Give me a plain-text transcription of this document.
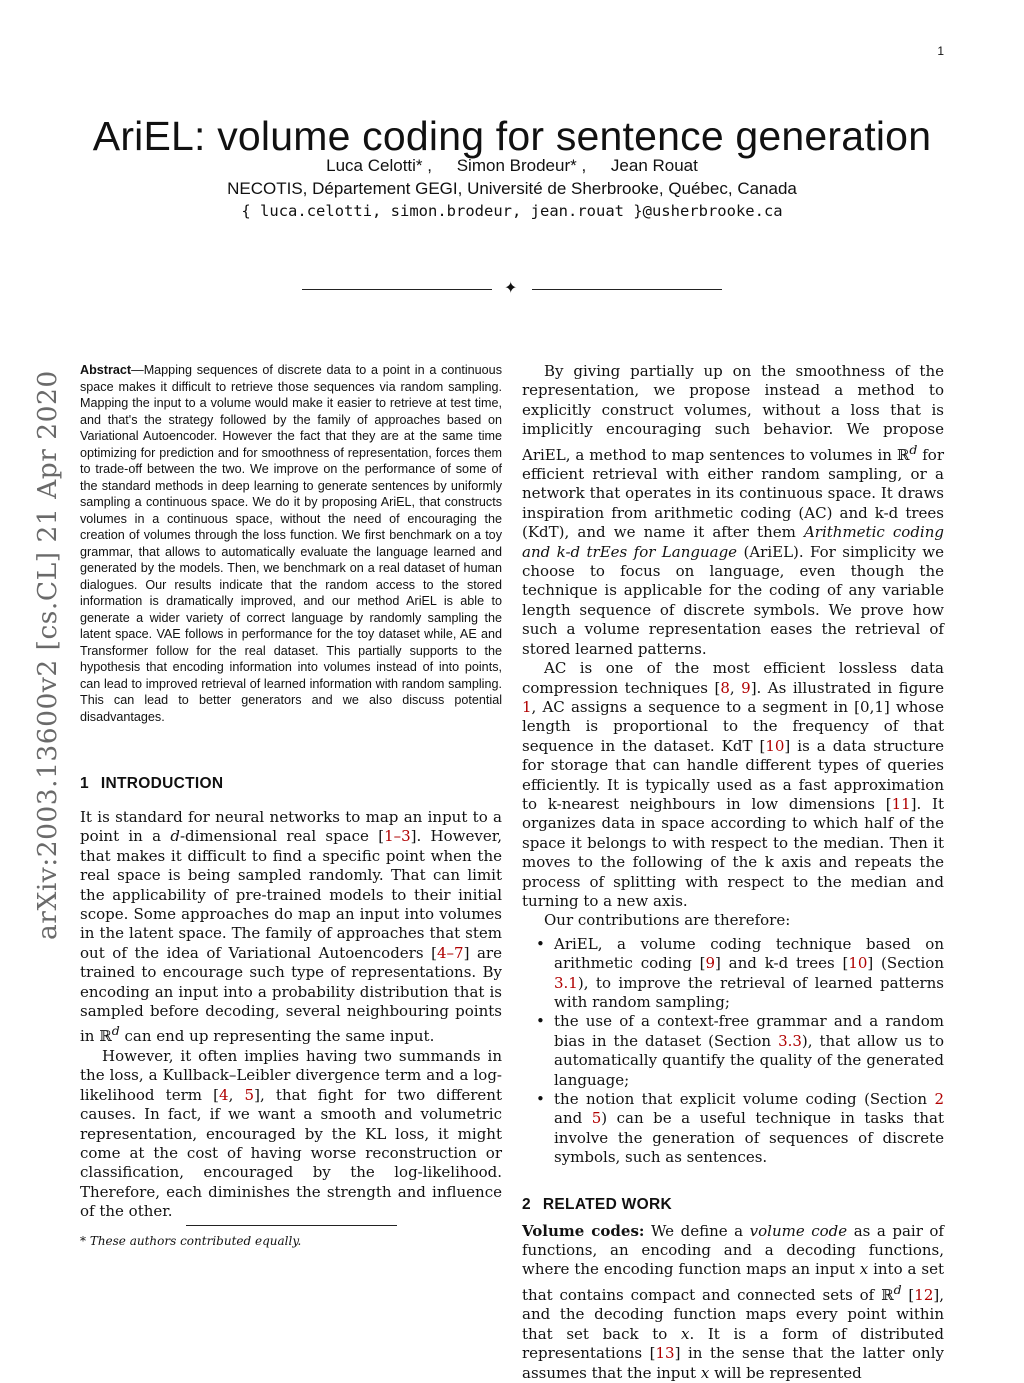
1
AriEL: volume coding for sentence generation
Luca Celotti* , Simon Brodeur* , Jean Rouat
NECOTIS, Département GEGI, Université de Sherbrooke, Québec, Canada
{ luca.celotti, simon.brodeur, jean.rouat }@usherbrooke.ca
✦
arXiv:2003.13600v2 [cs.CL] 21 Apr 2020
Abstract—Mapping sequences of discrete data to a point in a continuous space makes it difficult to retrieve those sequences via random sampling. Mapping the input to a volume would make it easier to retrieve at test time, and that's the strategy followed by the family of approaches based on Variational Autoencoder. However the fact that they are at the same time optimizing for prediction and for smoothness of representation, forces them to trade-off between the two. We improve on the performance of some of the standard methods in deep learning to generate sentences by uniformly sampling a continuous space. We do it by proposing AriEL, that constructs volumes in a continuous space, without the need of encouraging the creation of volumes through the loss function. We first benchmark on a toy grammar, that allows to automatically evaluate the language learned and generated by the models. Then, we benchmark on a real dataset of human dialogues. Our results indicate that the random access to the stored information is dramatically improved, and our method AriEL is able to generate a wider variety of correct language by randomly sampling the latent space. VAE follows in performance for the toy dataset while, AE and Transformer follow for the real dataset. This partially supports to the hypothesis that encoding information into volumes instead of into points, can lead to improved retrieval of learned information with random sampling. This can lead to better generators and we also discuss potential disadvantages.
1 INTRODUCTION

It is standard for neural networks to map an input to a point in a d-dimensional real space [1–3]. However, that makes it difficult to find a specific point when the real space is being sampled randomly. That can limit the applicability of pre-trained models to their initial scope. Some approaches do map an input into volumes in the latent space. The family of approaches that stem out of the idea of Variational Autoencoders [4–7] are trained to encourage such type of representations. By encoding an input into a probability distribution that is sampled before decoding, several neighbouring points in ℝ$^d$ can end up representing the same input.

However, it often implies having two summands in the loss, a Kullback–Leibler divergence term and a log-likelihood term [4, 5], that fight for two different causes. In fact, if we want a smooth and volumetric representation, encouraged by the KL loss, it might come at the cost of having worse reconstruction or classification, encouraged by the log-likelihood. Therefore, each diminishes the strength and influence of the other.

By giving partially up on the smoothness of the representation, we propose instead a method to explicitly construct volumes, without a loss that is implicitly encouraging such behavior. We propose AriEL, a method to map sentences to volumes in ℝ$^d$ for efficient retrieval with either random sampling, or a network that operates in its continuous space. It draws inspiration from arithmetic coding (AC) and k-d trees (KdT), and we name it after them Arithmetic coding and k-d trEes for Language (AriEL). For simplicity we choose to focus on language, even though the technique is applicable for the coding of any variable length sequence of discrete symbols. We prove how such a volume representation eases the retrieval of stored learned patterns.

AC is one of the most efficient lossless data compression techniques [8, 9]. As illustrated in figure 1, AC assigns a sequence to a segment in [0,1] whose length is proportional to the frequency of that sequence in the dataset. KdT [10] is a data structure for storage that can handle different types of queries efficiently. It is typically used as a fast approximation to k-nearest neighbours in low dimensions [11]. It organizes data in space according to which half of the space it belongs to with respect to the median. Then it moves to the following of the k axis and repeats the process of splitting with respect to the median and turning to a new axis.

Our contributions are therefore:

• AriEL, a volume coding technique based on arithmetic coding [9] and k-d trees [10] (Section 3.1), to improve the retrieval of learned patterns with random sampling;
• the use of a context-free grammar and a random bias in the dataset (Section 3.3), that allow us to automatically quantify the quality of the generated language;
• the notion that explicit volume coding (Section 2 and 5) can be a useful technique in tasks that involve the generation of sequences of discrete symbols, such as sentences.
2 RELATED WORK

Volume codes: We define a volume code as a pair of functions, an encoding and a decoding functions, where the encoding function maps an input x into a set that contains compact and connected sets of ℝ$^d$ [12], and the decoding function maps every point within that set back to x. It is a form of distributed representations [13] in the sense that the latter only assumes that the input x will be represented

* These authors contributed equally.
